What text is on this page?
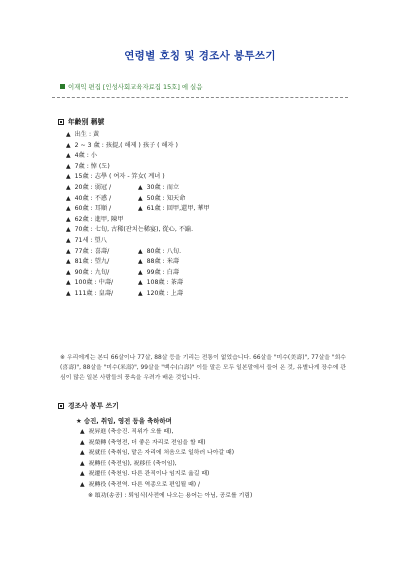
연령별 호칭 및 경조사 봉투쓰기
이재익 편집 [인성사회교육자료집 15호] 에 실음
年齡別 稱號
▲ 出生 : 黃
▲ 2 ~ 3 歲 : 孩提,( 해제 ) 孩子 ( 해자 )
▲ 4歲 : 小
▲ 7歲 : 悼 (도)
▲ 15歲 : 志學 ( 여자 - 笄女( 계녀 )
▲ 20歲 : 弱冠 /	▲ 30歲 : 而立
▲ 40歲 : 不惑 /	▲ 50歲 : 知天命
▲ 60歲 : 耳順 /	▲ 61歲 : 回甲,還甲, 華甲
▲ 62歲 : 進甲, 陳甲
▲ 70歲 : 七旬, 古稀(잔치는稀宴), 從心, 不踰.
▲ 71세 : 望八
▲ 77歲 : 喜壽/	▲ 80歲 : 八旬.
▲ 81歲 : 望九/	▲ 88歲 : 米壽
▲ 90歲 : 九旬/	▲ 99歲 : 白壽
▲ 100歲 : 中壽/	▲ 108歲 : 茶壽
▲ 111歲 : 皇壽/	▲ 120歲 : 上壽
※ 우리에게는 본디 66살이나 77살, 88살 등을 기리는 전통이 없었습니다. 66살을 "미수(美壽)", 77살을 "희수(喜壽)", 88살을 "미수(米壽)", 99살을 "백수(白壽)" 이들 말은 모두 일본말에서 들어 온 것, 유별나게 장수에 관심이 많은 일본 사람들의 풍속을 우려가 배운 것입니다.
경조사 봉투 쓰기
★ 승진, 취임, 영전 등을 축하하며
▲ 祝昇進 (축승진. 직위가 오를 때),
▲ 祝榮轉 (축영전, 더 좋은 자리로 전임을 할 때)
▲ 祝就任 (축취임, 맡은 자리에 처음으로 일하러 나아갈 때)
▲ 祝轉任 (축전임), 祝移任 (축이임),
▲ 祝遷任 (축천임. 다른 관직이나 임지로 옮길 때)
▲ 祝轉役 (축전역. 다른 역종으로 편입될 때) /
※ 頌功(송공) : 퇴임식(사전에 나오는 용어는 아님, 공로를 기림)
